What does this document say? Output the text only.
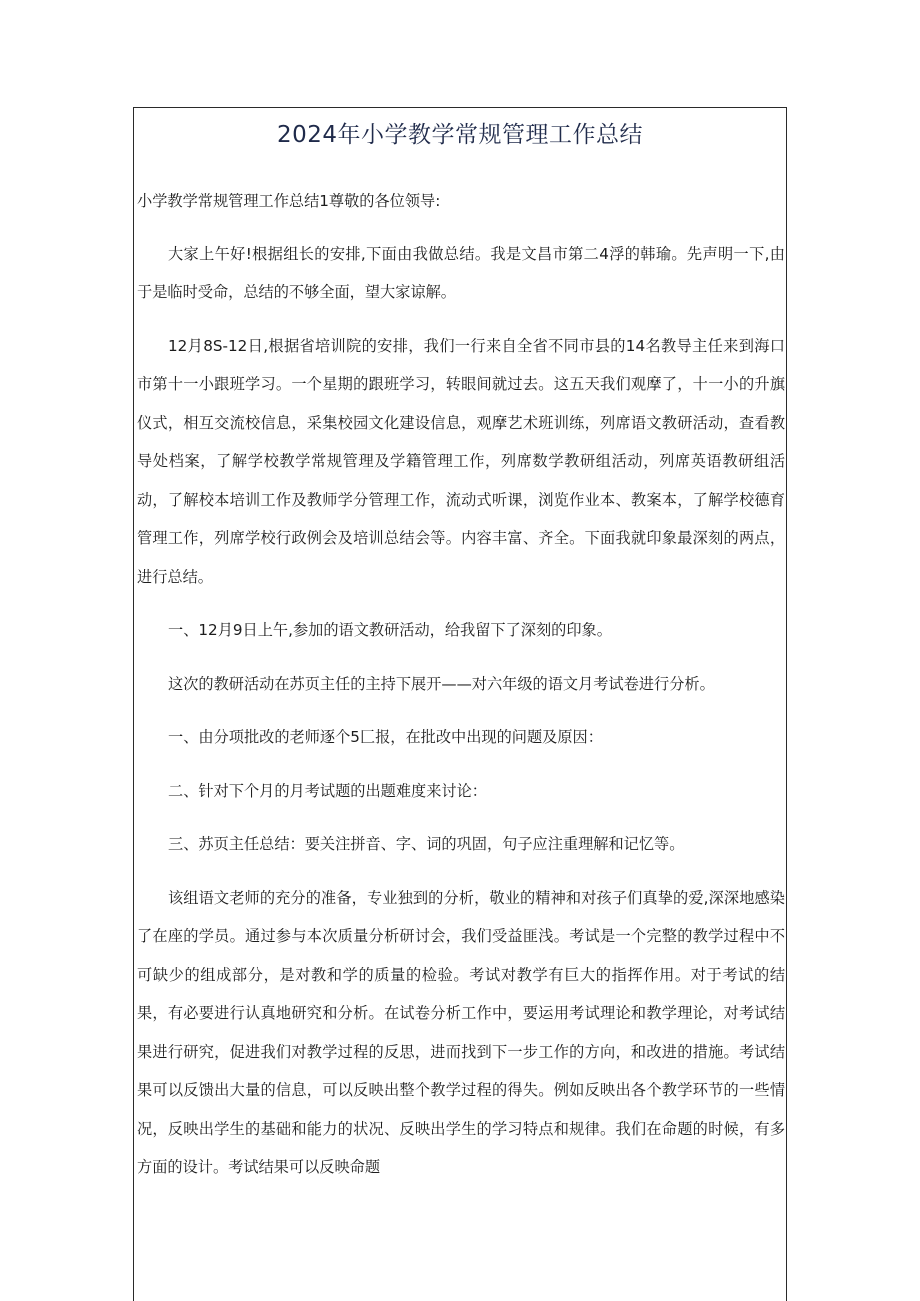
2024年小学教学常规管理工作总结

小学教学常规管理工作总结1尊敬的各位领导:

大家上午好!根据组长的安排,下面由我做总结。我是文昌市第二4浮的韩瑜。先声明一下,由于是临时受命，总结的不够全面，望大家谅解。

12月8S-12日,根据省培训院的安排，我们一行来自全省不同市县的14名教导主任来到海口市第十一小跟班学习。一个星期的跟班学习，转眼间就过去。这五天我们观摩了，十一小的升旗仪式，相互交流校信息，采集校园文化建设信息，观摩艺术班训练，列席语文教研活动，查看教导处档案，了解学校教学常规管理及学籍管理工作，列席数学教研组活动，列席英语教研组活动，了解校本培训工作及教师学分管理工作，流动式听课，浏览作业本、教案本，了解学校德育管理工作，列席学校行政例会及培训总结会等。内容丰富、齐全。下面我就印象最深刻的两点，进行总结。

一、12月9日上午,参加的语文教研活动，给我留下了深刻的印象。

这次的教研活动在苏页主任的主持下展开——对六年级的语文月考试卷进行分析。

一、由分项批改的老师逐个5匚报，在批改中出现的问题及原因：

二、针对下个月的月考试题的出题难度来讨论：

三、苏页主任总结：要关注拼音、字、词的巩固，句子应注重理解和记忆等。

该组语文老师的充分的准备，专业独到的分析，敬业的精神和对孩子们真挚的爱,深深地感染了在座的学员。通过参与本次质量分析研讨会，我们受益匪浅。考试是一个完整的教学过程中不可缺少的组成部分，是对教和学的质量的检验。考试对教学有巨大的指挥作用。对于考试的结果，有必要进行认真地研究和分析。在试卷分析工作中，要运用考试理论和教学理论，对考试结果进行研究，促进我们对教学过程的反思，进而找到下一步工作的方向，和改进的措施。考试结果可以反馈出大量的信息，可以反映出整个教学过程的得失。例如反映出各个教学环节的一些情况，反映出学生的基础和能力的状况、反映出学生的学习特点和规律。我们在命题的时候，有多方面的设计。考试结果可以反映命题
